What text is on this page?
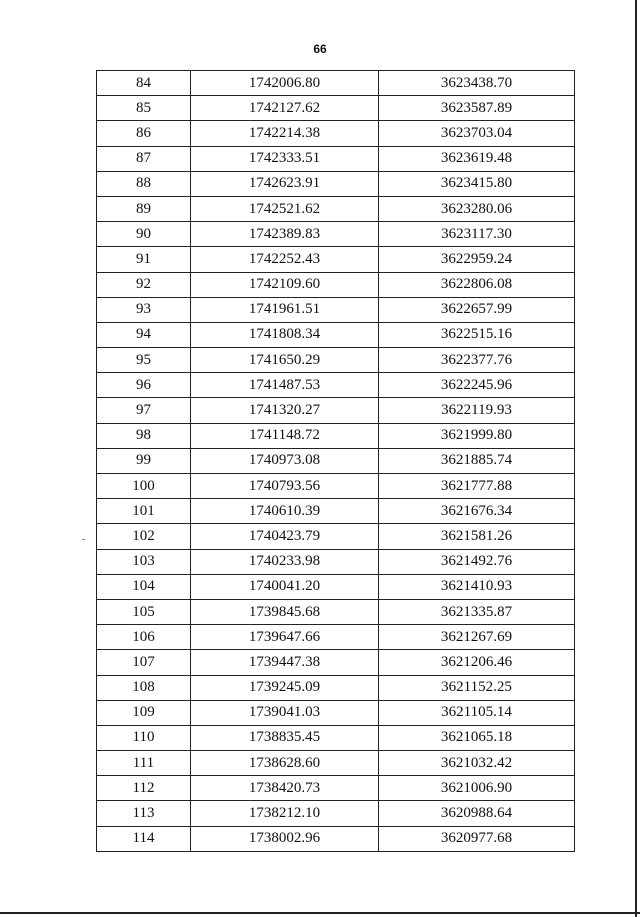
66
84	1742006.80	3623438.70
85	1742127.62	3623587.89
86	1742214.38	3623703.04
87	1742333.51	3623619.48
88	1742623.91	3623415.80
89	1742521.62	3623280.06
90	1742389.83	3623117.30
91	1742252.43	3622959.24
92	1742109.60	3622806.08
93	1741961.51	3622657.99
94	1741808.34	3622515.16
95	1741650.29	3622377.76
96	1741487.53	3622245.96
97	1741320.27	3622119.93
98	1741148.72	3621999.80
99	1740973.08	3621885.74
100	1740793.56	3621777.88
101	1740610.39	3621676.34
102	1740423.79	3621581.26
103	1740233.98	3621492.76
104	1740041.20	3621410.93
105	1739845.68	3621335.87
106	1739647.66	3621267.69
107	1739447.38	3621206.46
108	1739245.09	3621152.25
109	1739041.03	3621105.14
110	1738835.45	3621065.18
111	1738628.60	3621032.42
112	1738420.73	3621006.90
113	1738212.10	3620988.64
114	1738002.96	3620977.68
